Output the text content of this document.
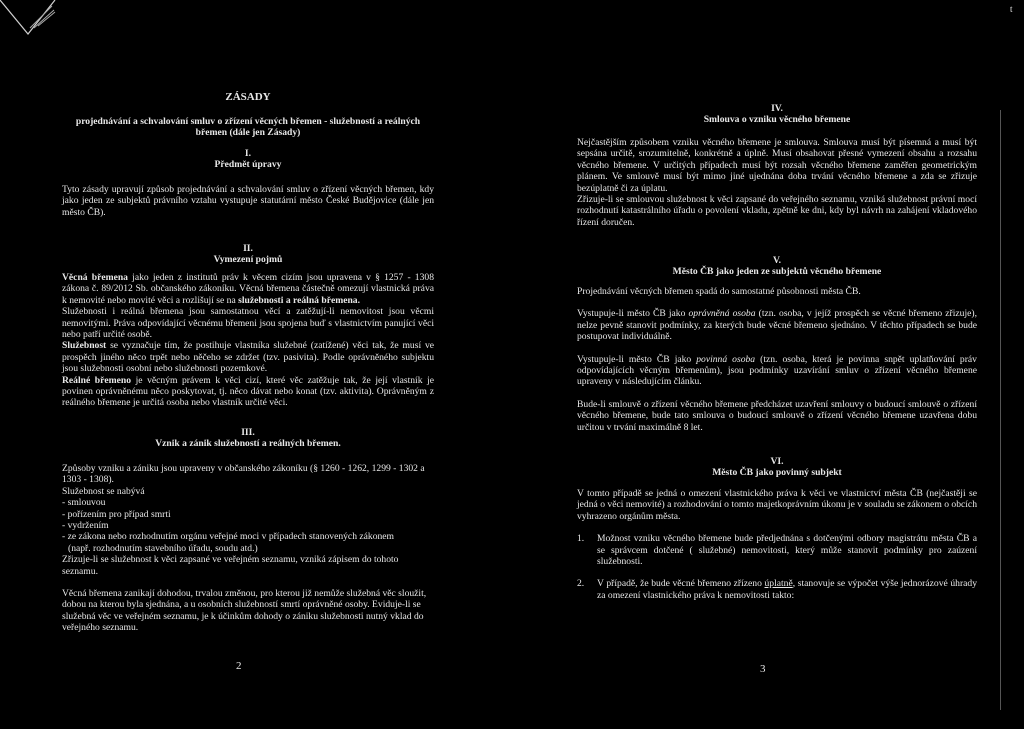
t
ZÁSADY
projednávání a schvalování smluv o zřízení věcných břemen - služebností a reálných
břemen (dále jen Zásady)
I.
Předmět úpravy

Tyto zásady upravují způsob projednávání a schvalování smluv o zřízení věcných břemen, kdy jako jeden ze subjektů právního vztahu vystupuje statutární město České Budějovice (dále jen město ČB).

II.
Vymezení pojmů

Věcná břemena jako jeden z institutů práv k věcem cizím jsou upravena v § 1257 - 1308 zákona č. 89/2012 Sb. občanského zákoníku. Věcná břemena částečně omezují vlastnická práva k nemovité nebo movité věci a rozlišují se na služebnosti a reálná břemena.

Služebnosti i reálná břemena jsou samostatnou věcí a zatěžují-li nemovitost jsou věcmi nemovitými. Práva odpovídající věcnému břemeni jsou spojena buď s vlastnictvím panující věci nebo patří určité osobě.

Služebnost se vyznačuje tím, že postihuje vlastníka služebné (zatížené) věci tak, že musí ve prospěch jiného něco trpět nebo něčeho se zdržet (tzv. pasivita). Podle oprávněného subjektu jsou služebnosti osobní nebo služebnosti pozemkové.

Reálné břemeno je věcným právem k věci cizí, které věc zatěžuje tak, že její vlastník je povinen oprávněnému něco poskytovat, tj. něco dávat nebo konat (tzv. aktivita). Oprávněným z reálného břemene je určitá osoba nebo vlastník určité věci.

III.
Vznik a zánik služebností a reálných břemen.

Způsoby vzniku a zániku jsou upraveny v občanského zákoníku (§ 1260 - 1262, 1299 - 1302 a 1303 - 1308).

Služebnost se nabývá

- smlouvou
- pořízením pro případ smrti
- vydržením
- ze zákona nebo rozhodnutím orgánu veřejné moci v případech stanovených zákonem
(např. rozhodnutím stavebního úřadu, soudu atd.)

Zřizuje-li se služebnost k věci zapsané ve veřejném seznamu, vzniká zápisem do tohoto seznamu.

Věcná břemena zanikají dohodou, trvalou změnou, pro kterou již nemůže služebná věc sloužit, dobou na kterou byla sjednána, a u osobních služebností smrtí oprávněné osoby. Eviduje-li se služebná věc ve veřejném seznamu, je k účinkům dohody o zániku služebnosti nutný vklad do veřejného seznamu.

2
IV.
Smlouva o vzniku věcného břemene

Nejčastějším způsobem vzniku věcného břemene je smlouva. Smlouva musí být písemná a musí být sepsána určitě, srozumitelně, konkrétně a úplně. Musí obsahovat přesné vymezení obsahu a rozsahu věcného břemene. V určitých případech musí být rozsah věcného břemene zaměřen geometrickým plánem. Ve smlouvě musí být mimo jiné ujednána doba trvání věcného břemene a zda se zřizuje bezúplatně či za úplatu.

Zřizuje-li se smlouvou služebnost k věci zapsané do veřejného seznamu, vzniká služebnost právní mocí rozhodnutí katastrálního úřadu o povolení vkladu, zpětně ke dni, kdy byl návrh na zahájení vkladového řízení doručen.

V.
Město ČB jako jeden ze subjektů věcného břemene

Projednávání věcných břemen spadá do samostatné působnosti města ČB.

Vystupuje-li město ČB jako oprávněná osoba (tzn. osoba, v jejíž prospěch se věcné břemeno zřizuje), nelze pevně stanovit podmínky, za kterých bude věcné břemeno sjednáno. V těchto případech se bude postupovat individuálně.

Vystupuje-li město ČB jako povinná osoba (tzn. osoba, která je povinna snpět uplatňování práv odpovídajících věcným břemenům), jsou podmínky uzavírání smluv o zřízení věcného břemene upraveny v následujícím článku.

Bude-li smlouvě o zřízení věcného břemene předcházet uzavření smlouvy o budoucí smlouvě o zřízení věcného břemene, bude tato smlouva o budoucí smlouvě o zřízení věcného břemene uzavřena dobu určitou v trvání maximálně 8 let.

VI.
Město ČB jako povinný subjekt

V tomto případě se jedná o omezení vlastnického práva k věci ve vlastnictví města ČB (nejčastěji se jedná o věci nemovité) a rozhodování o tomto majetkoprávním úkonu je v souladu se zákonem o obcích vyhrazeno orgánům města.

1.	Možnost vzniku věcného břemene bude předjednána s dotčenými odbory magistrátu města ČB a se správcem dotčené ( služebné) nemovitosti, který může stanovit podmínky pro zaúzení služebnosti.
2.	V případě, že bude věcné břemeno zřízeno úplatně, stanovuje se výpočet výše jednorázové úhrady za omezení vlastnického práva k nemovitosti takto:
3
